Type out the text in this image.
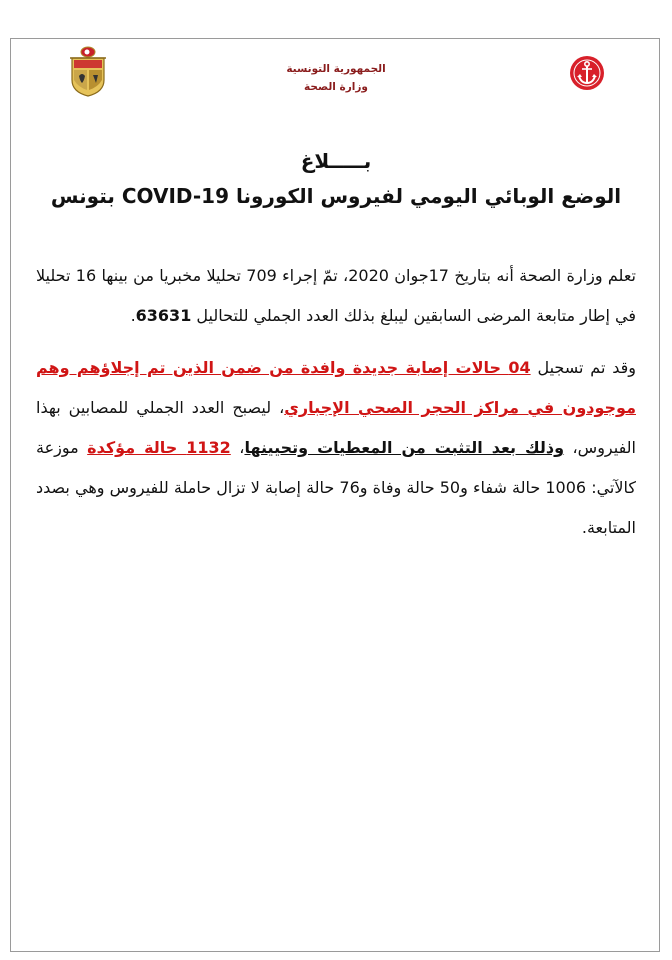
الجمهورية التونسية
وزارة الصحة
بـــــلاغ
الوضع الوبائي اليومي لفيروس الكورونا COVID-19 بتونس

تعلم وزارة الصحة أنه بتاريخ 17جوان 2020، تمّ إجراء 709 تحليلا مخبريا من بينها 16 تحليلا في إطار متابعة المرضى السابقين ليبلغ بذلك العدد الجملي للتحاليل 63631.

وقد تم تسجيل 04 حالات إصابة جديدة وافدة من ضمن الذين تم إجلاؤهم وهم موجودون في مراكز الحجر الصحي الإجباري، ليصبح العدد الجملي للمصابين بهذا الفيروس، وذلك بعد التثبت من المعطيات وتحيينها، 1132 حالة مؤكدة موزعة كالآتي: 1006 حالة شفاء و50 حالة وفاة و76 حالة إصابة لا تزال حاملة للفيروس وهي بصدد المتابعة.
